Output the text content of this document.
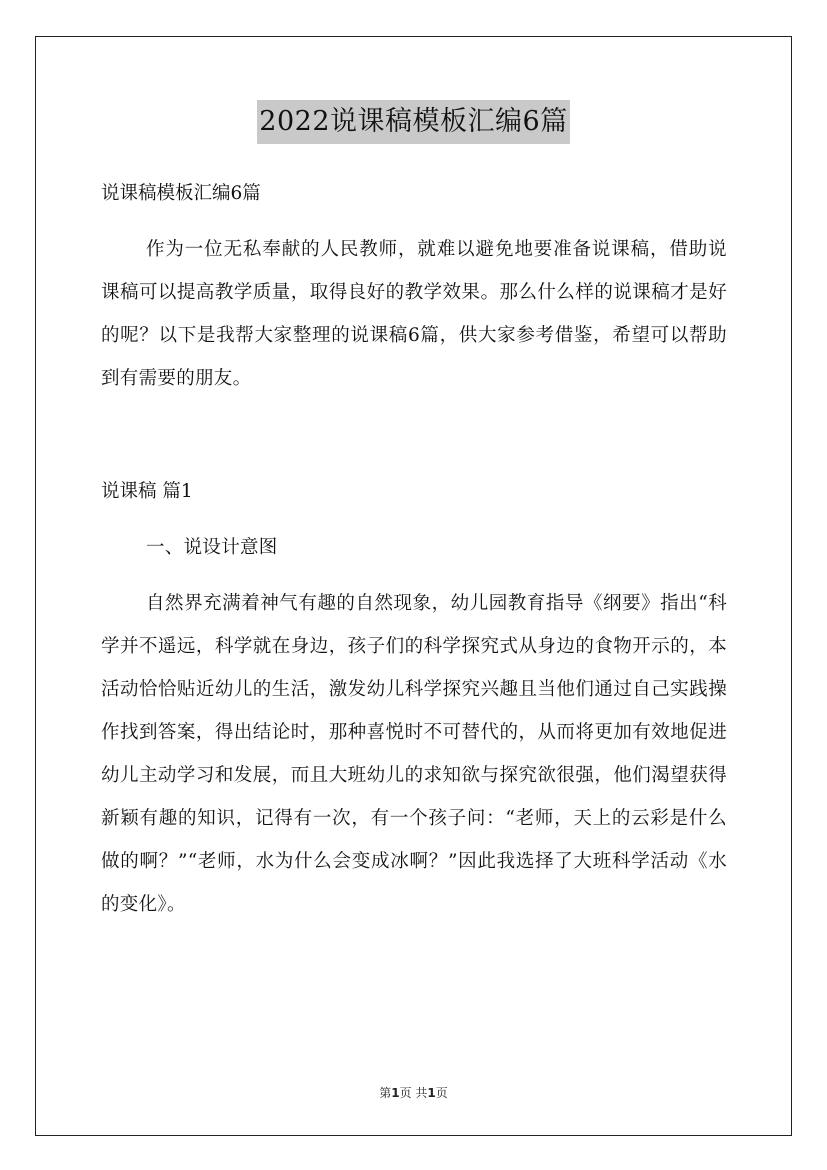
2022说课稿模板汇编6篇

说课稿模板汇编6篇

作为一位无私奉献的人民教师，就难以避免地要准备说课稿，借助说课稿可以提高教学质量，取得良好的教学效果。那么什么样的说课稿才是好的呢？以下是我帮大家整理的说课稿6篇，供大家参考借鉴，希望可以帮助到有需要的朋友。

说课稿 篇1

一、说设计意图

自然界充满着神气有趣的自然现象，幼儿园教育指导《纲要》指出“科学并不遥远，科学就在身边，孩子们的科学探究式从身边的食物开示的，本活动恰恰贴近幼儿的生活，激发幼儿科学探究兴趣且当他们通过自己实践操作找到答案，得出结论时，那种喜悦时不可替代的，从而将更加有效地促进幼儿主动学习和发展，而且大班幼儿的求知欲与探究欲很强，他们渴望获得新颖有趣的知识，记得有一次，有一个孩子问：“老师，天上的云彩是什么做的啊？”“老师，水为什么会变成冰啊？”因此我选择了大班科学活动《水的变化》。

第1页 共1页
